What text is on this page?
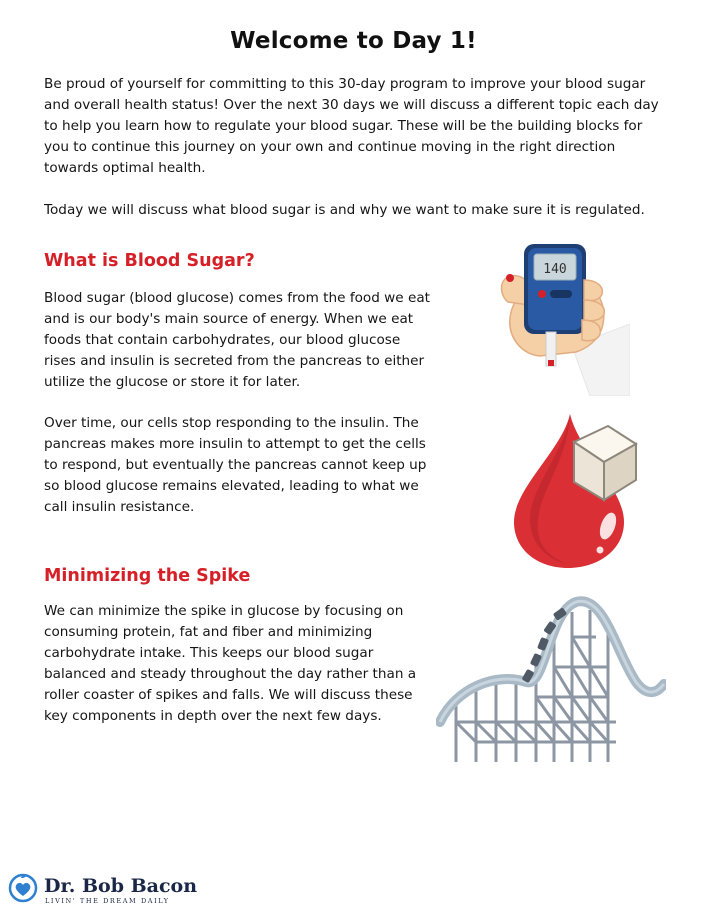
Welcome to Day 1!

Be proud of yourself for committing to this 30-day program to improve your blood sugar and overall health status! Over the next 30 days we will discuss a different topic each day to help you learn how to regulate your blood sugar. These will be the building blocks for you to continue this journey on your own and continue moving in the right direction towards optimal health.

Today we will discuss what blood sugar is and why we want to make sure it is regulated.

What is Blood Sugar?

Blood sugar (blood glucose) comes from the food we eat and is our body's main source of energy. When we eat foods that contain carbohydrates, our blood glucose rises and insulin is secreted from the pancreas to either utilize the glucose or store it for later.

Over time, our cells stop responding to the insulin. The pancreas makes more insulin to attempt to get the cells to respond, but eventually the pancreas cannot keep up so blood glucose remains elevated, leading to what we call insulin resistance.

Minimizing the Spike

We can minimize the spike in glucose by focusing on consuming protein, fat and fiber and minimizing carbohydrate intake. This keeps our blood sugar balanced and steady throughout the day rather than a roller coaster of spikes and falls. We will discuss these key components in depth over the next few days.

140

Dr. Bob Bacon

LIVIN' THE DREAM DAILY
